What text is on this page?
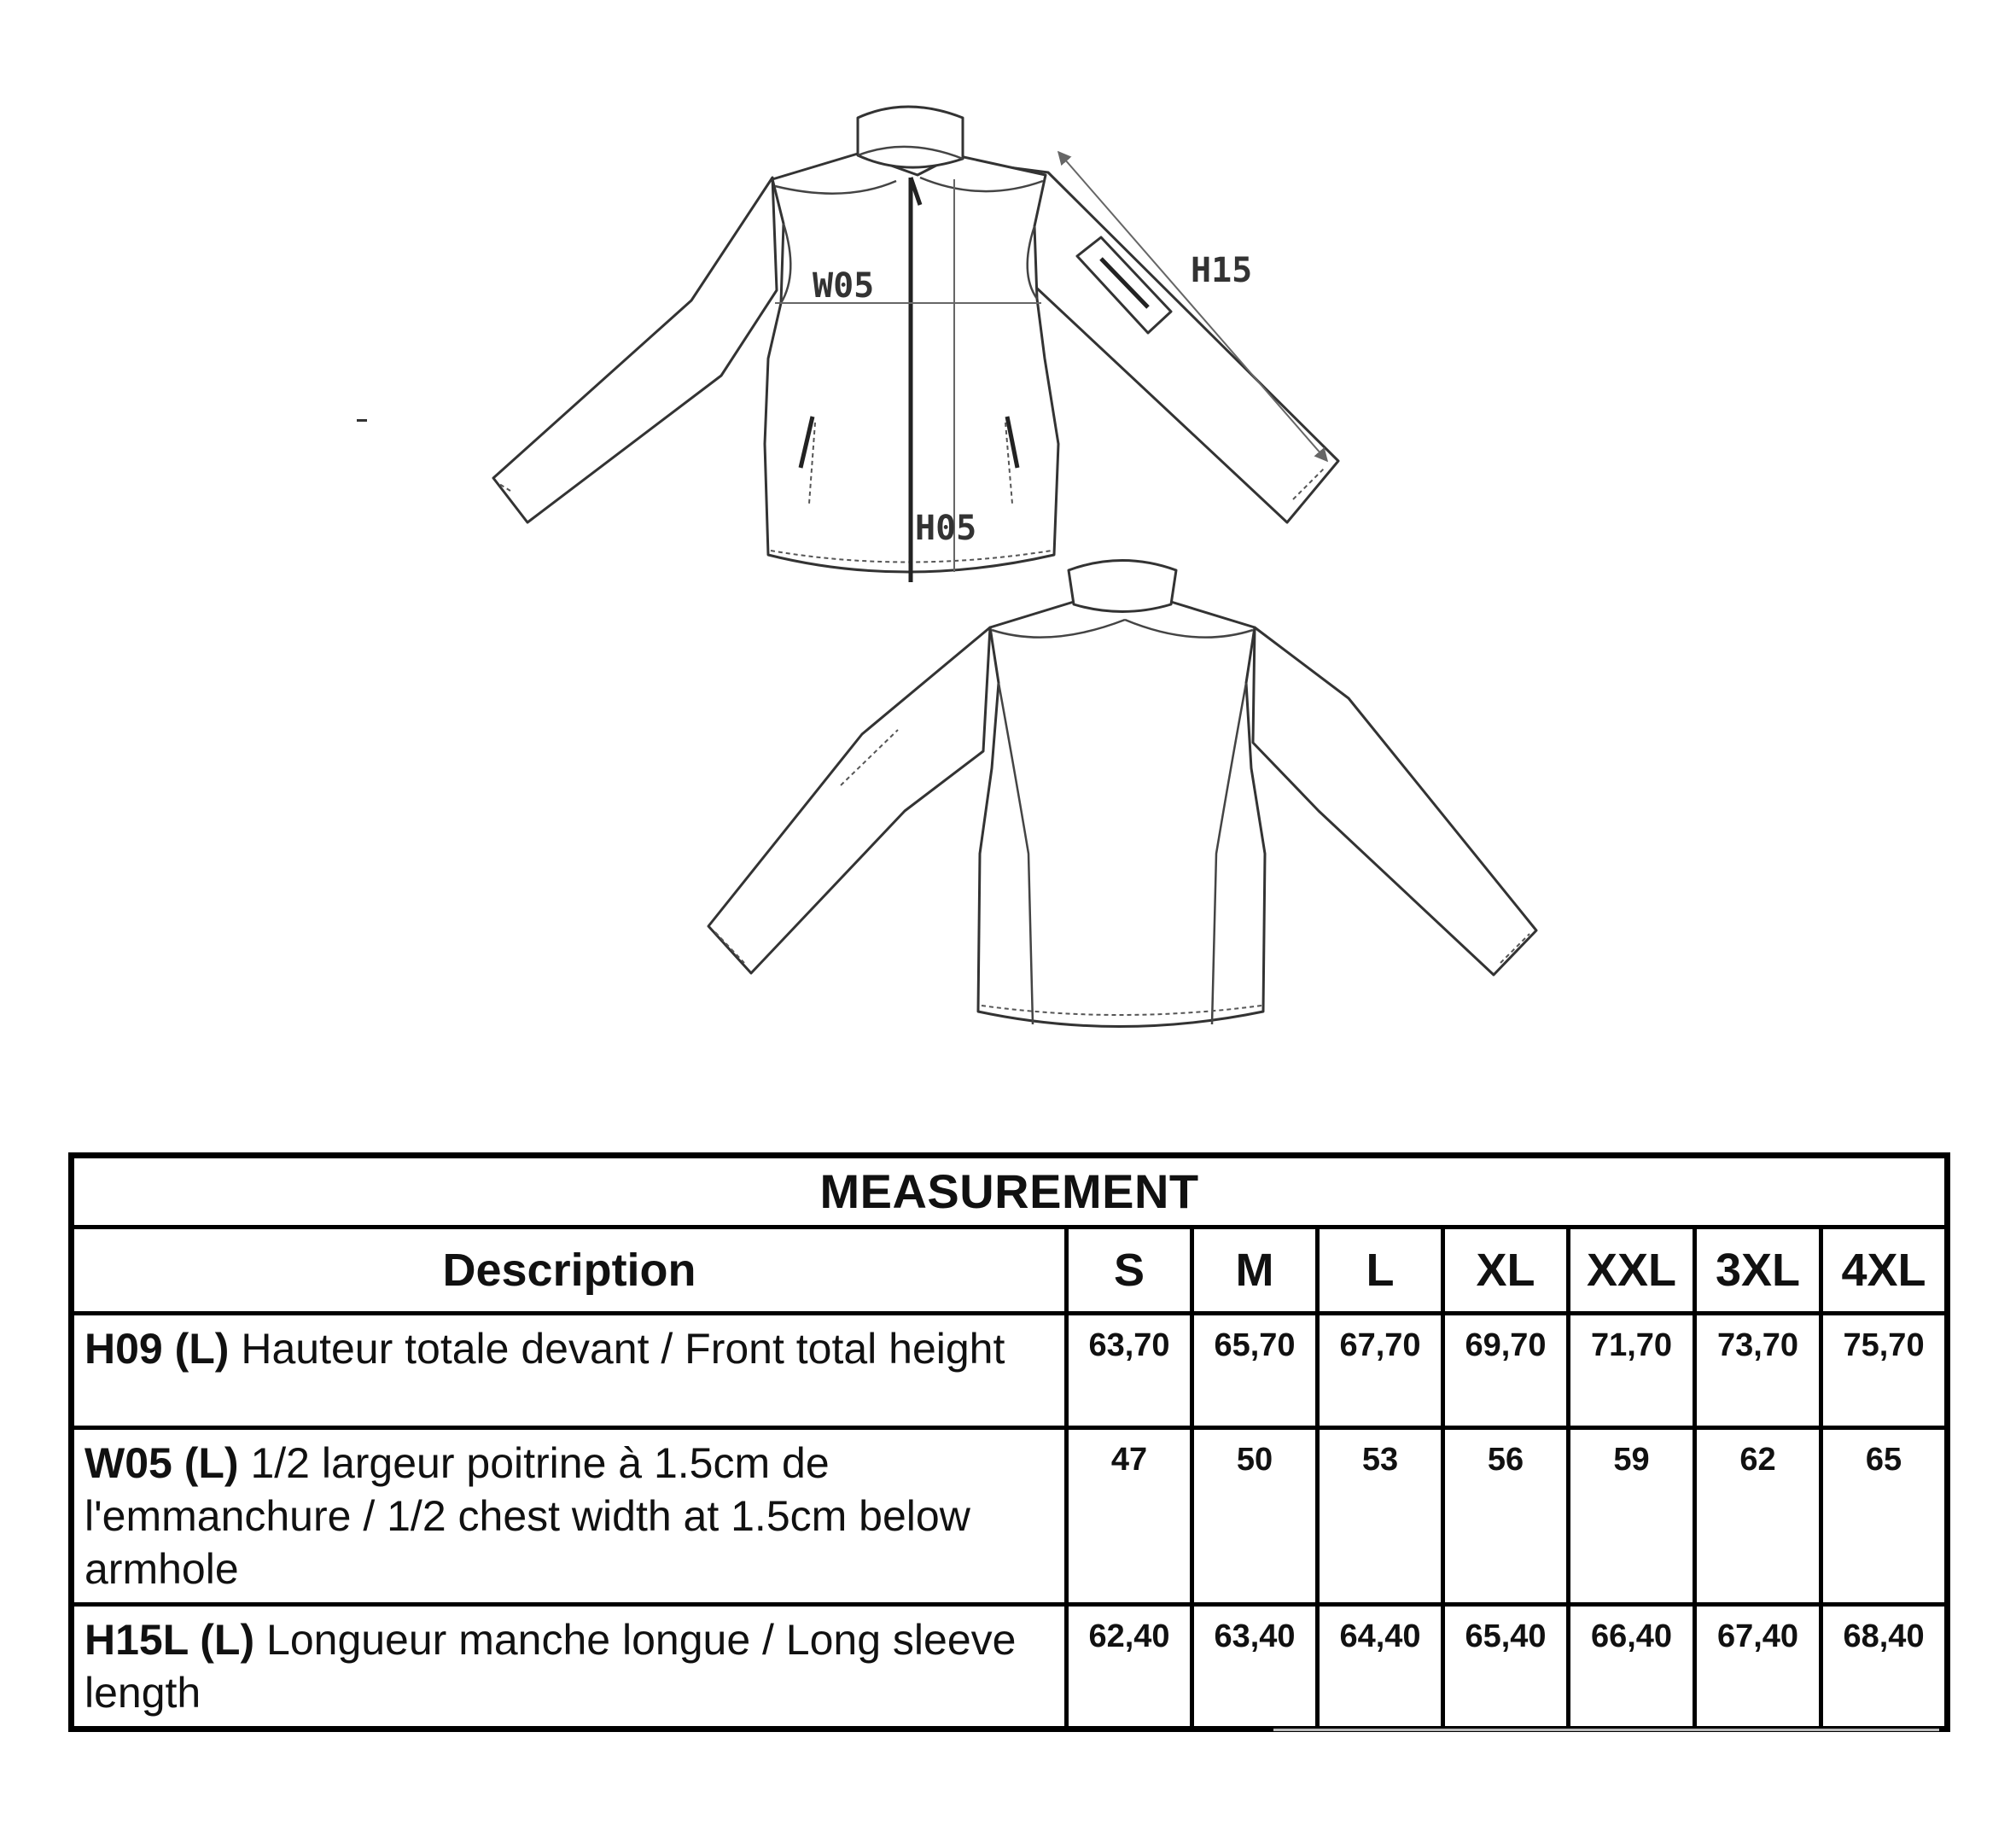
W05
H05
H15
MEASUREMENT							
Description	S	M	L	XL	XXL	3XL	4XL
H09 (L) Hauteur totale devant / Front total height	63,70	65,70	67,70	69,70	71,70	73,70	75,70
W05 (L) 1/2 largeur poitrine à 1.5cm de l'emmanchure / 1/2 chest width at 1.5cm below armhole	47	50	53	56	59	62	65
H15L (L) Longueur manche longue / Long sleeve length	62,40	63,40	64,40	65,40	66,40	67,40	68,40
